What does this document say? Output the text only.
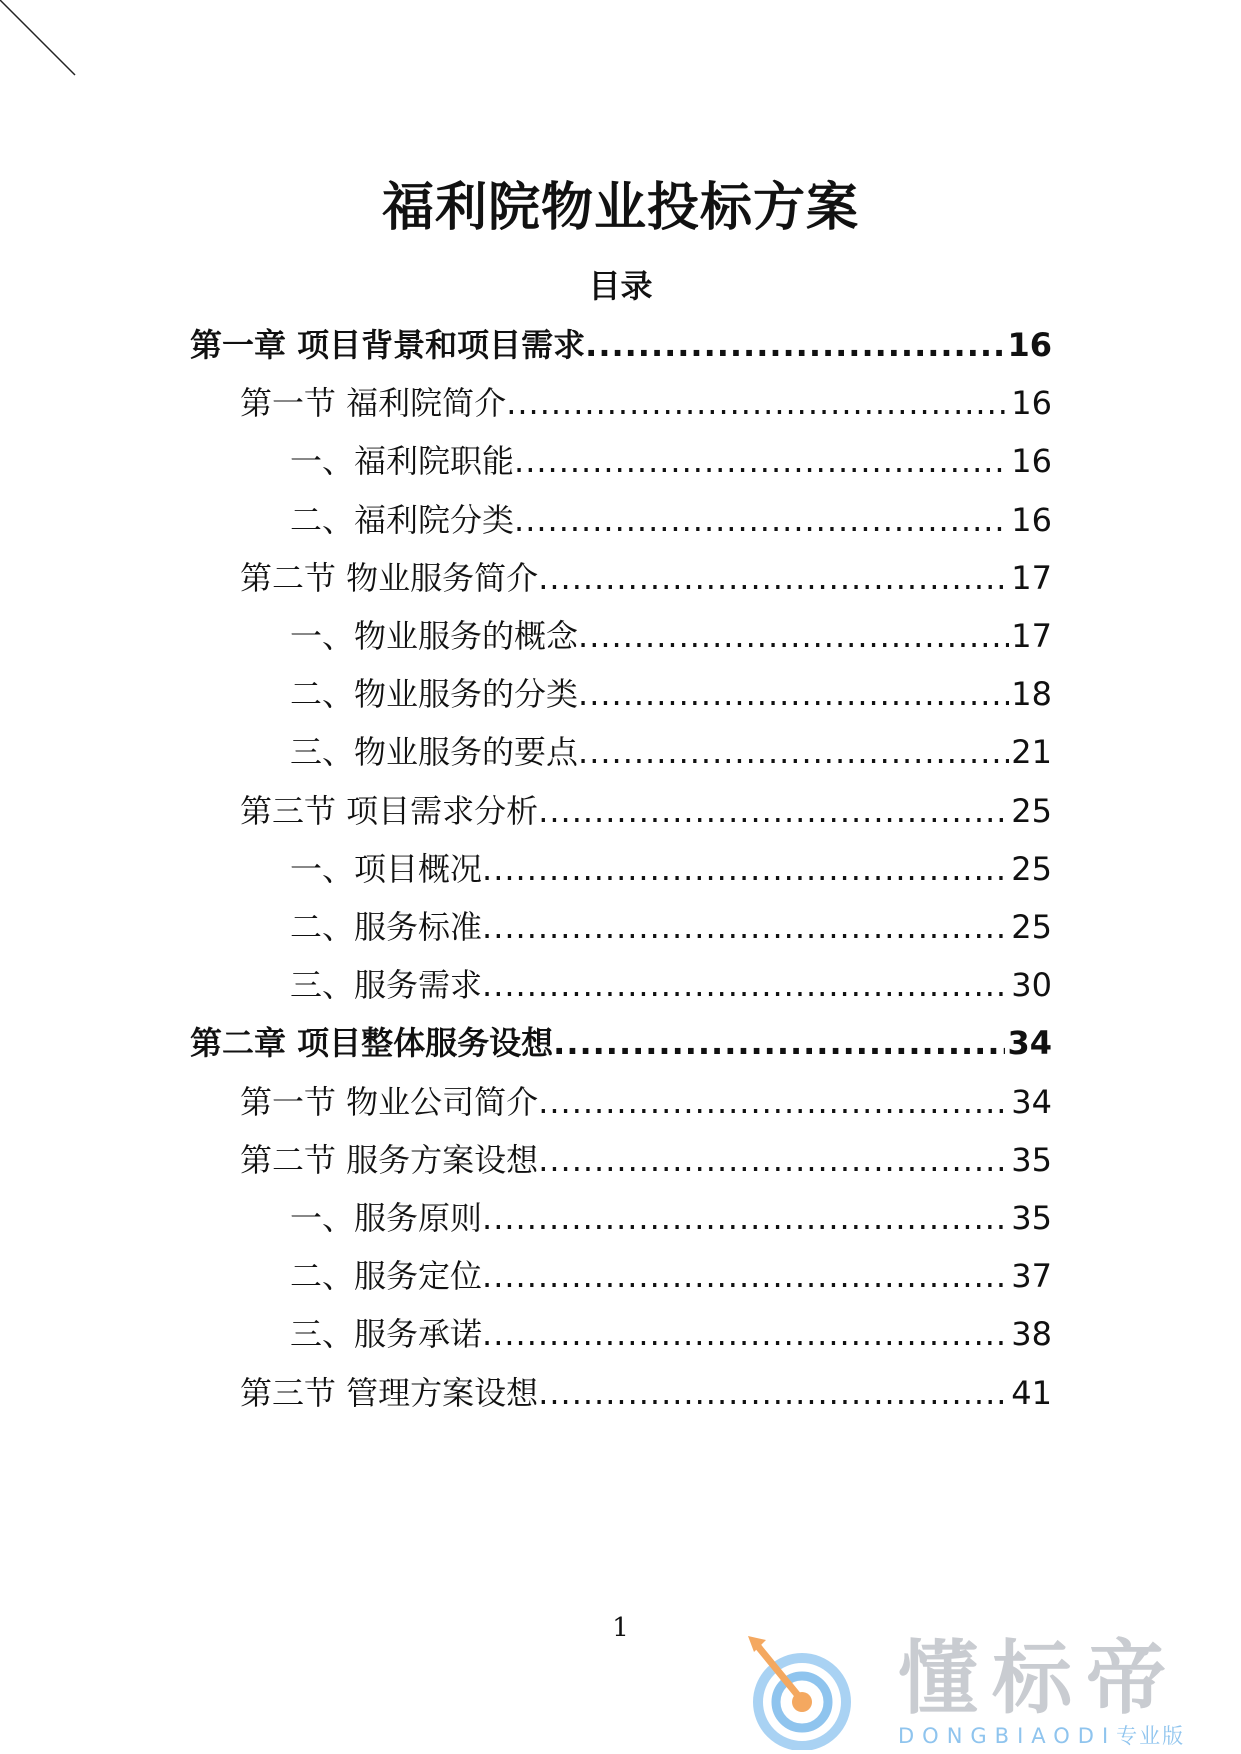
福利院物业投标方案
目录
第一章 项目背景和项目需求 .....	16
第一节 福利院简介 .....	16
一、福利院职能 .....	16
二、福利院分类 .....	16
第二节 物业服务简介 .....	17
一、物业服务的概念 .....	17
二、物业服务的分类 .....	18
三、物业服务的要点 .....	21
第三节 项目需求分析 .....	25
一、项目概况 .....	25
二、服务标准 .....	25
三、服务需求 .....	30
第二章 项目整体服务设想 .....	34
第一节 物业公司简介 .....	34
第二节 服务方案设想 .....	35
一、服务原则 .....	35
二、服务定位 .....	37
三、服务承诺 .....	38
第三节 管理方案设想 .....	41
1
懂标帝
DONGBIAODI专业版
